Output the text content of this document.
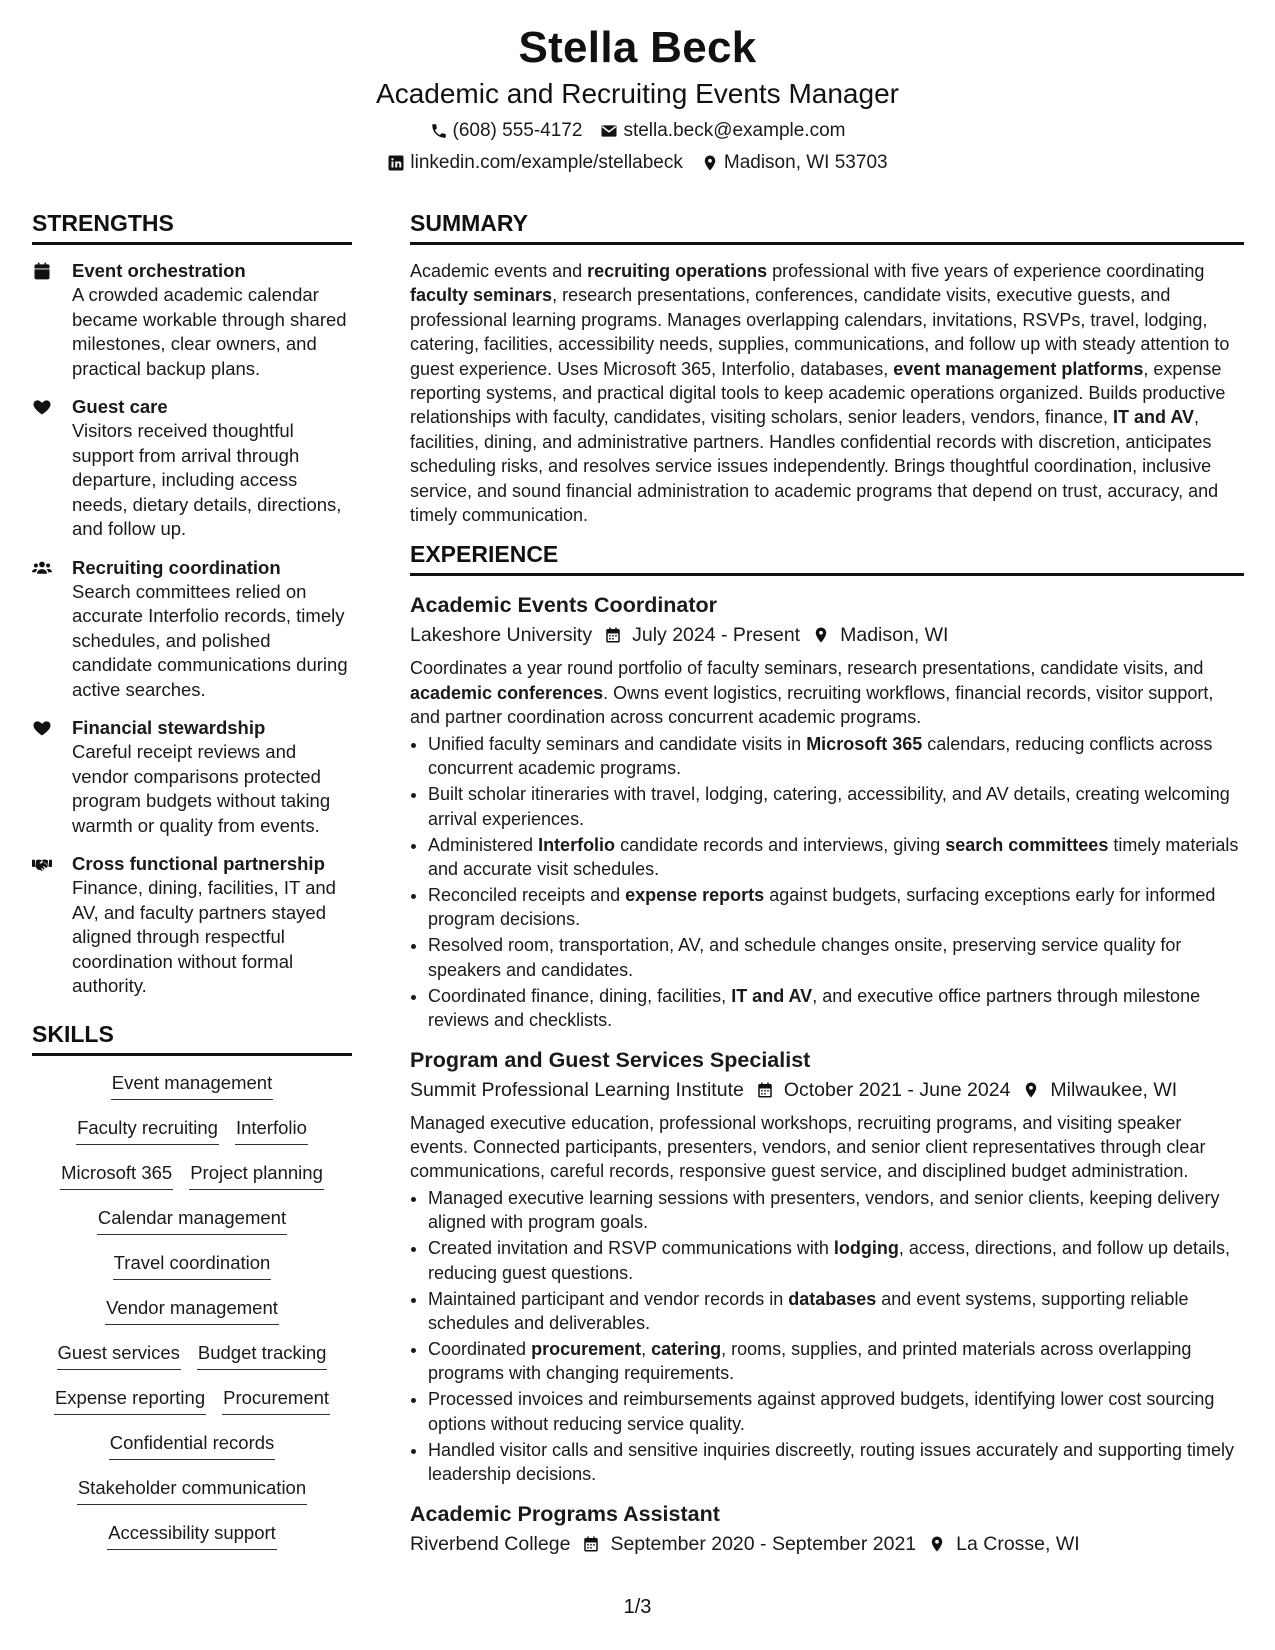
Stella Beck
Academic and Recruiting Events Manager
(608) 555-4172 stella.beck@example.com
linkedin.com/example/stellabeck Madison, WI 53703
STRENGTHS
Event orchestration
A crowded academic calendar became workable through shared milestones, clear owners, and practical backup plans.
Guest care
Visitors received thoughtful support from arrival through departure, including access needs, dietary details, directions, and follow up.
Recruiting coordination
Search committees relied on accurate Interfolio records, timely schedules, and polished candidate communications during active searches.
Financial stewardship
Careful receipt reviews and vendor comparisons protected program budgets without taking warmth or quality from events.
Cross functional partnership
Finance, dining, facilities, IT and AV, and faculty partners stayed aligned through respectful coordination without formal authority.
SKILLS
Event management
Faculty recruiting Interfolio
Microsoft 365 Project planning
Calendar management
Travel coordination
Vendor management
Guest services Budget tracking
Expense reporting Procurement
Confidential records
Stakeholder communication
Accessibility support
SUMMARY
Academic events and recruiting operations professional with five years of experience coordinating faculty seminars, research presentations, conferences, candidate visits, executive guests, and professional learning programs. Manages overlapping calendars, invitations, RSVPs, travel, lodging, catering, facilities, accessibility needs, supplies, communications, and follow up with steady attention to guest experience. Uses Microsoft 365, Interfolio, databases, event management platforms, expense reporting systems, and practical digital tools to keep academic operations organized. Builds productive relationships with faculty, candidates, visiting scholars, senior leaders, vendors, finance, IT and AV, facilities, dining, and administrative partners. Handles confidential records with discretion, anticipates scheduling risks, and resolves service issues independently. Brings thoughtful coordination, inclusive service, and sound financial administration to academic programs that depend on trust, accuracy, and timely communication.
EXPERIENCE
Academic Events Coordinator
Lakeshore University July 2024 - Present Madison, WI
Coordinates a year round portfolio of faculty seminars, research presentations, candidate visits, and academic conferences. Owns event logistics, recruiting workflows, financial records, visitor support, and partner coordination across concurrent academic programs.
• Unified faculty seminars and candidate visits in Microsoft 365 calendars, reducing conflicts across concurrent academic programs.
• Built scholar itineraries with travel, lodging, catering, accessibility, and AV details, creating welcoming arrival experiences.
• Administered Interfolio candidate records and interviews, giving search committees timely materials and accurate visit schedules.
• Reconciled receipts and expense reports against budgets, surfacing exceptions early for informed program decisions.
• Resolved room, transportation, AV, and schedule changes onsite, preserving service quality for speakers and candidates.
• Coordinated finance, dining, facilities, IT and AV, and executive office partners through milestone reviews and checklists.
Program and Guest Services Specialist
Summit Professional Learning Institute October 2021 - June 2024 Milwaukee, WI
Managed executive education, professional workshops, recruiting programs, and visiting speaker events. Connected participants, presenters, vendors, and senior client representatives through clear communications, careful records, responsive guest service, and disciplined budget administration.
• Managed executive learning sessions with presenters, vendors, and senior clients, keeping delivery aligned with program goals.
• Created invitation and RSVP communications with lodging, access, directions, and follow up details, reducing guest questions.
• Maintained participant and vendor records in databases and event systems, supporting reliable schedules and deliverables.
• Coordinated procurement, catering, rooms, supplies, and printed materials across overlapping programs with changing requirements.
• Processed invoices and reimbursements against approved budgets, identifying lower cost sourcing options without reducing service quality.
• Handled visitor calls and sensitive inquiries discreetly, routing issues accurately and supporting timely leadership decisions.
Academic Programs Assistant
Riverbend College September 2020 - September 2021 La Crosse, WI
1/3
